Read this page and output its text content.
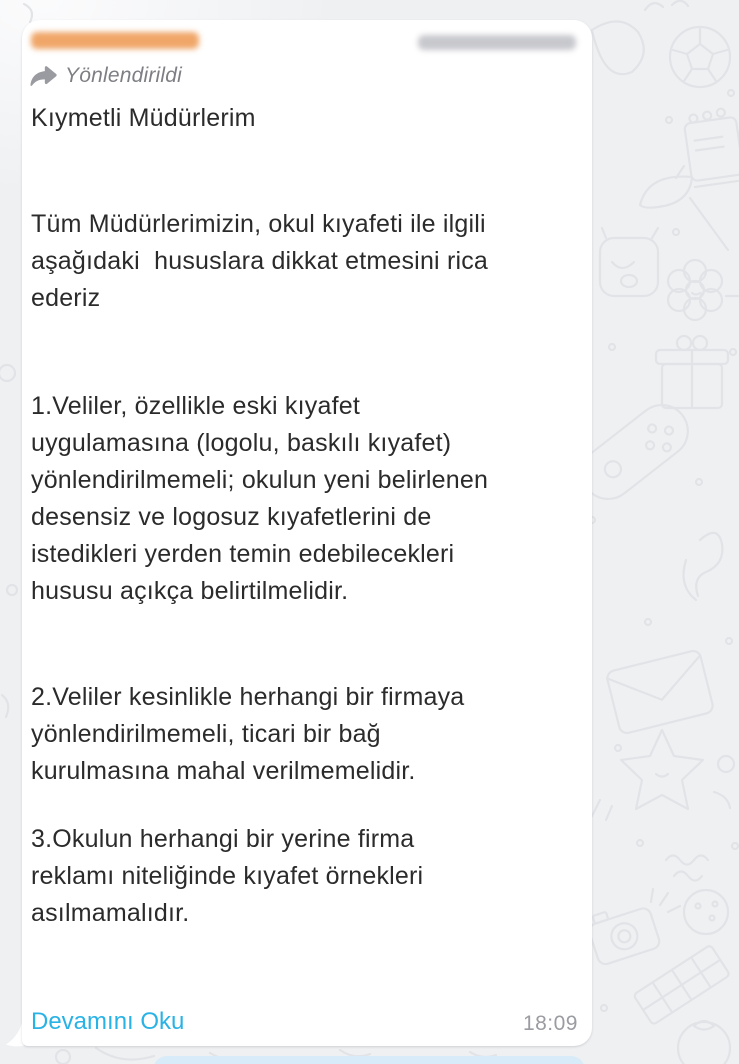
Yönlendirildi
Kıymetli Müdürlerim
Tüm Müdürlerimizin, okul kıyafeti ile ilgili
aşağıdaki  hususlara dikkat etmesini rica
ederiz
1.Veliler, özellikle eski kıyafet
uygulamasına (logolu, baskılı kıyafet)
yönlendirilmemeli; okulun yeni belirlenen
desensiz ve logosuz kıyafetlerini de
istedikleri yerden temin edebilecekleri
hususu açıkça belirtilmelidir.
2.Veliler kesinlikle herhangi bir firmaya
yönlendirilmemeli, ticari bir bağ
kurulmasına mahal verilmemelidir.
3.Okulun herhangi bir yerine firma
reklamı niteliğinde kıyafet örnekleri
asılmamalıdır.
Devamını Oku	18:09
